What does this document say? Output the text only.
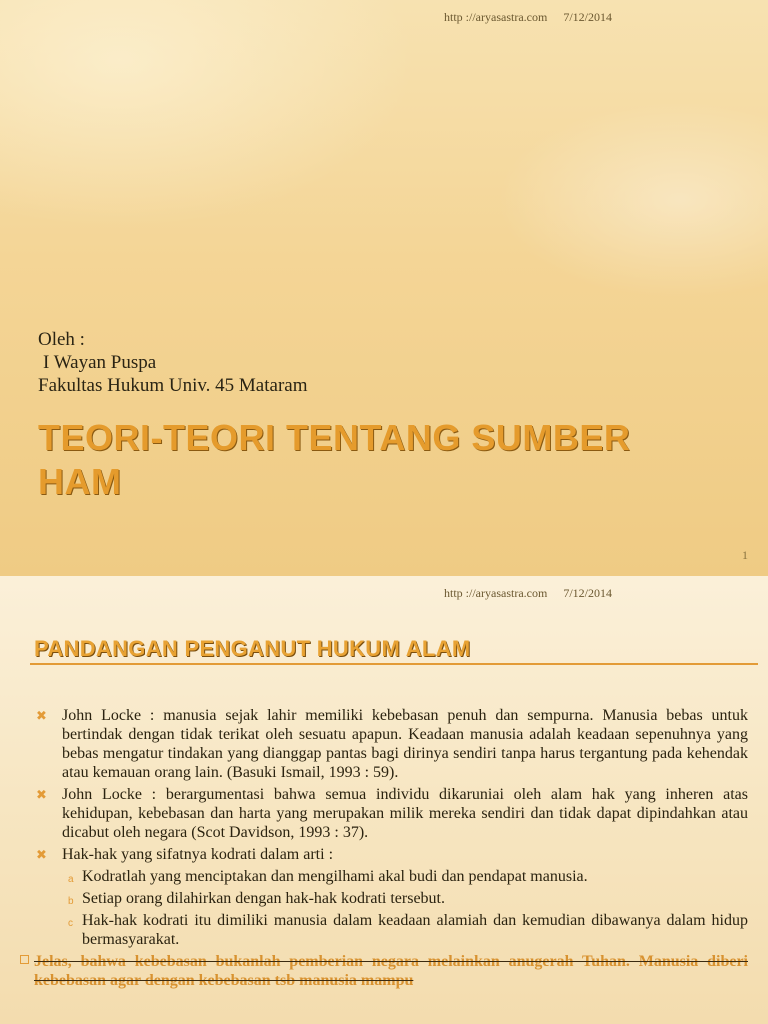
http ://aryasastra.com 7/12/2014
Oleh :
I Wayan Puspa
Fakultas Hukum Univ. 45 Mataram
TEORI-TEORI TENTANG SUMBER
HAM
1
http ://aryasastra.com 7/12/2014
PANDANGAN PENGANUT HUKUM ALAM
✖ John Locke : manusia sejak lahir memiliki kebebasan penuh dan sempurna. Manusia bebas untuk bertindak dengan tidak terikat oleh sesuatu apapun. Keadaan manusia adalah keadaan sepenuhnya yang bebas mengatur tindakan yang dianggap pantas bagi dirinya sendiri tanpa harus tergantung pada kehendak atau kemauan orang lain. (Basuki Ismail, 1993 : 59).
✖ John Locke : berargumentasi bahwa semua individu dikaruniai oleh alam hak yang inheren atas kehidupan, kebebasan dan harta yang merupakan milik mereka sendiri dan tidak dapat dipindahkan atau dicabut oleh negara (Scot Davidson, 1993 : 37).
✖ Hak-hak yang sifatnya kodrati dalam arti :
a Kodratlah yang menciptakan dan mengilhami akal budi dan pendapat manusia.
b Setiap orang dilahirkan dengan hak-hak kodrati tersebut.
c Hak-hak kodrati itu dimiliki manusia dalam keadaan alamiah dan kemudian dibawanya dalam hidup bermasyarakat.
Jelas, bahwa kebebasan bukanlah pemberian negara melainkan anugerah Tuhan. Manusia diberi kebebasan agar dengan kebebasan tsb manusia mampu
